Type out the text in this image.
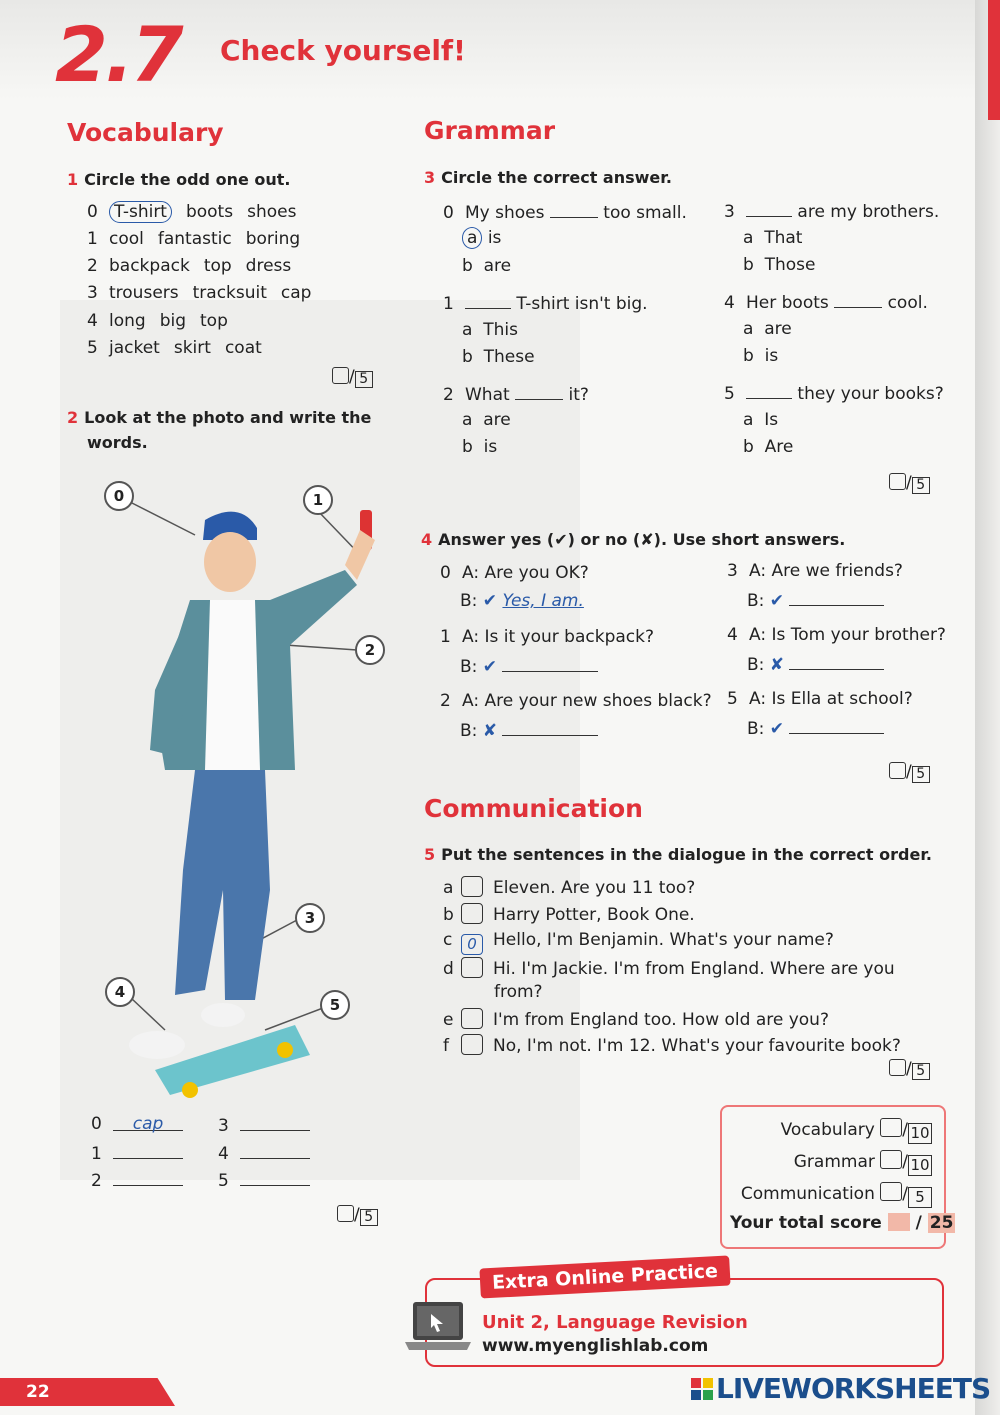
2.7 Check yourself!
Vocabulary
1 Circle the odd one out.
0 T-shirt boots shoes
1 cool fantastic boring
2 backpack top dress
3 trousers tracksuit cap
4 long big top
5 jacket skirt coat
/ 5
2 Look at the photo and write the
words.
0	1
2
3
4
5
0 cap
1
2
3
4
5
/ 5
Grammar
3 Circle the correct answer.
0 My shoes	too small.
a is
b are
1	T-shirt isn't big.
a This
b These
2 What	it?
a are
b is
3	are my brothers.
a That
b Those
4 Her boots	cool.
a are
b is
5	they your books?
a Is
b Are
/ 5
4 Answer yes (✔) or no (✘). Use short answers.
0 A: Are you OK?
B: ✔ Yes, I am.
1 A: Is it your backpack?
B: ✔
2 A: Are your new shoes black?
B: ✘
3 A: Are we friends?
B: ✔
4 A: Is Tom your brother?
B: ✘
5 A: Is Ella at school?
B: ✔
/ 5
Communication
5 Put the sentences in the dialogue in the correct order.
a Eleven. Are you 11 too?
b Harry Potter, Book One.
c 0 Hello, I'm Benjamin. What's your name?
d Hi. I'm Jackie. I'm from England. Where are you
from?
e I'm from England too. How old are you?
f	No, I'm not. I'm 12. What's your favourite book?
/ 5
Vocabulary / 10
Grammar / 10
Communication / 5
Your total score / 25
Extra Online Practice
Unit 2, Language Revision
www.myenglishlab.com
22	LIVEWORKSHEETS
